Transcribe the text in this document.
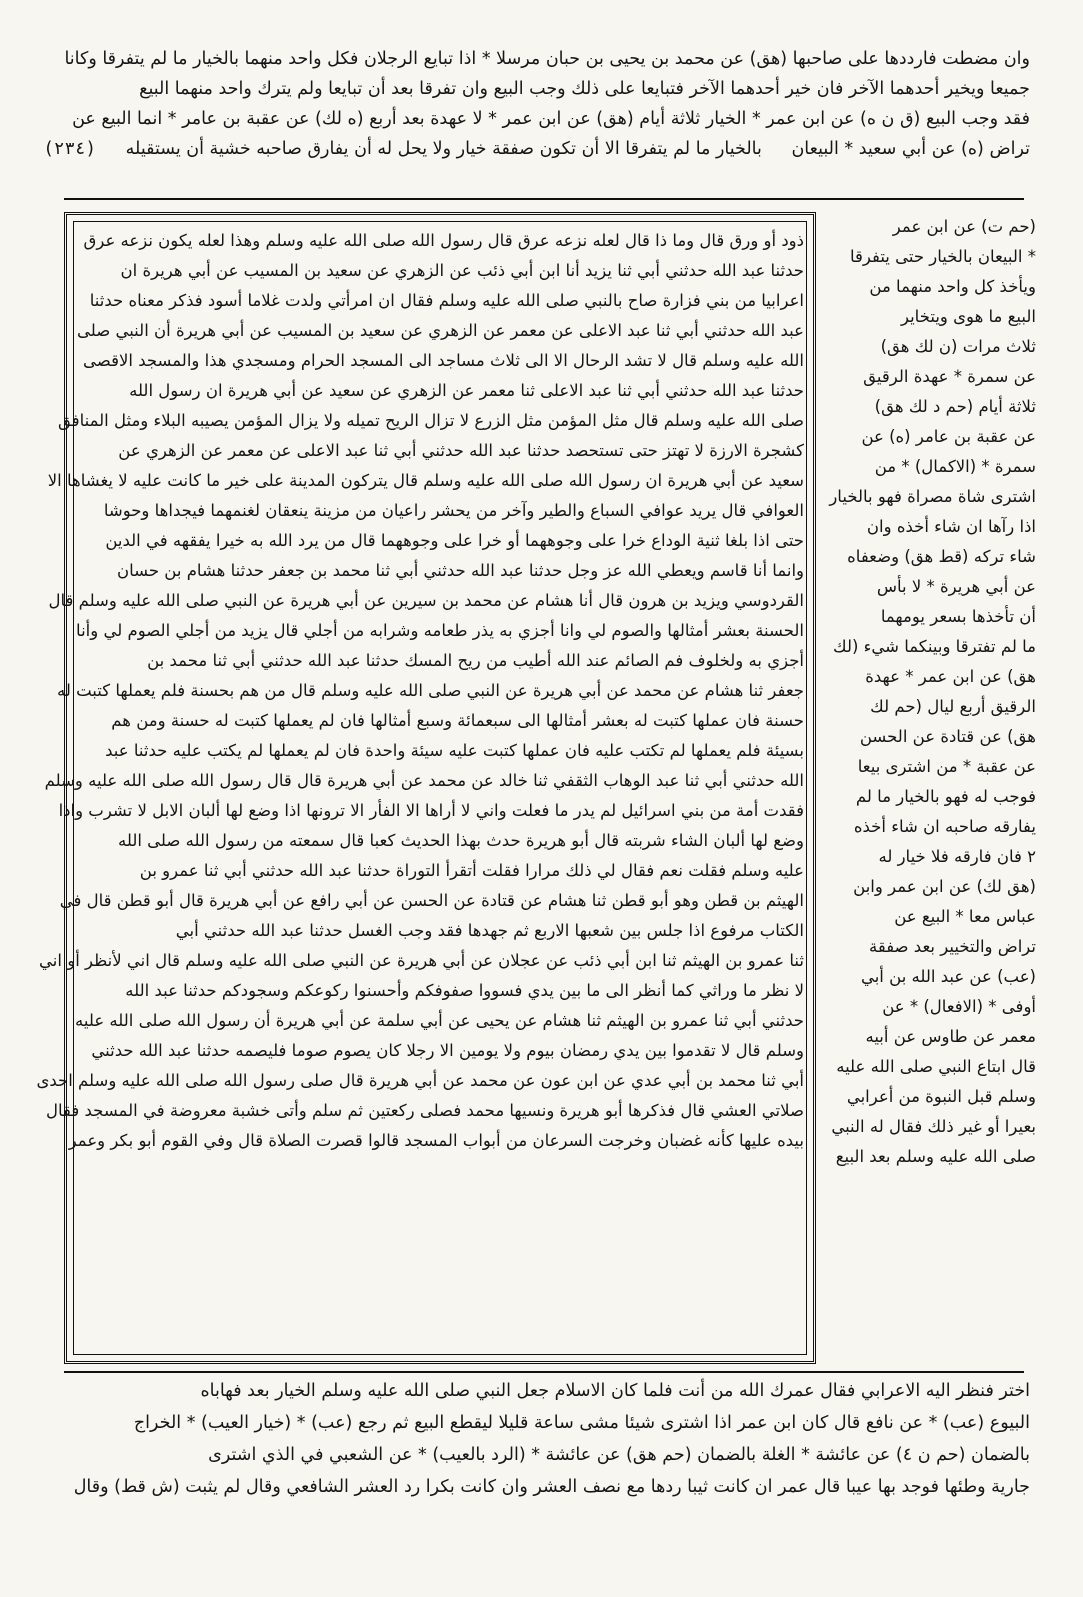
وان مضطت فارددها على صاحبها (هق) عن محمد بن يحيى بن حبان مرسلا * اذا تبايع الرجلان فكل واحد منهما بالخيار ما لم يتفرقا وكانا
جميعا ويخير أحدهما الآخر فان خير أحدهما الآخر فتبايعا على ذلك وجب البيع وان تفرقا بعد أن تبايعا ولم يترك واحد منهما البيع
فقد وجب البيع (ق ن ه) عن ابن عمر * الخيار ثلاثة أيام (هق) عن ابن عمر * لا عهدة بعد أربع (ه لك) عن عقبة بن عامر * انما البيع عن
تراض (ه) عن أبي سعيد * البيعان بالخيار ما لم يتفرقا الا أن تكون صفقة خيار ولا يحل له أن يفارق صاحبه خشية أن يستقيله (٢٣٤)
ذود أو ورق قال وما ذا قال لعله نزعه عرق قال رسول الله صلى الله عليه وسلم وهذا لعله يكون نزعه عرق
حدثنا عبد الله حدثني أبي ثنا يزيد أنا ابن أبي ذئب عن الزهري عن سعيد بن المسيب عن أبي هريرة ان
اعرابيا من بني فزارة صاح بالنبي صلى الله عليه وسلم فقال ان امرأتي ولدت غلاما أسود فذكر معناه حدثنا
عبد الله حدثني أبي ثنا عبد الاعلى عن معمر عن الزهري عن سعيد بن المسيب عن أبي هريرة أن النبي صلى
الله عليه وسلم قال لا تشد الرحال الا الى ثلاث مساجد الى المسجد الحرام ومسجدي هذا والمسجد الاقصى
حدثنا عبد الله حدثني أبي ثنا عبد الاعلى ثنا معمر عن الزهري عن سعيد عن أبي هريرة ان رسول الله
صلى الله عليه وسلم قال مثل المؤمن مثل الزرع لا تزال الريح تميله ولا يزال المؤمن يصيبه البلاء ومثل المنافق
كشجرة الارزة لا تهتز حتى تستحصد حدثنا عبد الله حدثني أبي ثنا عبد الاعلى عن معمر عن الزهري عن
سعيد عن أبي هريرة ان رسول الله صلى الله عليه وسلم قال يتركون المدينة على خير ما كانت عليه لا يغشاها الا
العوافي قال يريد عوافي السباع والطير وآخر من يحشر راعيان من مزينة ينعقان لغنمهما فيجداها وحوشا
حتى اذا بلغا ثنية الوداع خرا على وجوههما أو خرا على وجوههما قال من يرد الله به خيرا يفقهه في الدين
وانما أنا قاسم ويعطي الله عز وجل حدثنا عبد الله حدثني أبي ثنا محمد بن جعفر حدثنا هشام بن حسان
القردوسي ويزيد بن هرون قال أنا هشام عن محمد بن سيرين عن أبي هريرة عن النبي صلى الله عليه وسلم قال
الحسنة بعشر أمثالها والصوم لي وانا أجزي به يذر طعامه وشرابه من أجلي قال يزيد من أجلي الصوم لي وأنا
أجزي به ولخلوف فم الصائم عند الله أطيب من ريح المسك حدثنا عبد الله حدثني أبي ثنا محمد بن
جعفر ثنا هشام عن محمد عن أبي هريرة عن النبي صلى الله عليه وسلم قال من هم بحسنة فلم يعملها كتبت له
حسنة فان عملها كتبت له بعشر أمثالها الى سبعمائة وسبع أمثالها فان لم يعملها كتبت له حسنة ومن هم
بسيئة فلم يعملها لم تكتب عليه فان عملها كتبت عليه سيئة واحدة فان لم يعملها لم يكتب عليه حدثنا عبد
الله حدثني أبي ثنا عبد الوهاب الثقفي ثنا خالد عن محمد عن أبي هريرة قال قال رسول الله صلى الله عليه وسلم
فقدت أمة من بني اسرائيل لم يدر ما فعلت واني لا أراها الا الفأر الا ترونها اذا وضع لها ألبان الابل لا تشرب واذا
وضع لها ألبان الشاء شربته قال أبو هريرة حدث بهذا الحديث كعبا قال سمعته من رسول الله صلى الله
عليه وسلم فقلت نعم فقال لي ذلك مرارا فقلت أتقرأ التوراة حدثنا عبد الله حدثني أبي ثنا عمرو بن
الهيثم بن قطن وهو أبو قطن ثنا هشام عن قتادة عن الحسن عن أبي رافع عن أبي هريرة قال أبو قطن قال في
الكتاب مرفوع اذا جلس بين شعبها الاربع ثم جهدها فقد وجب الغسل حدثنا عبد الله حدثني أبي
ثنا عمرو بن الهيثم ثنا ابن أبي ذئب عن عجلان عن أبي هريرة عن النبي صلى الله عليه وسلم قال اني لأنظر أو اني
لا نظر ما وراثي كما أنظر الى ما بين يدي فسووا صفوفكم وأحسنوا ركوعكم وسجودكم حدثنا عبد الله
حدثني أبي ثنا عمرو بن الهيثم ثنا هشام عن يحيى عن أبي سلمة عن أبي هريرة أن رسول الله صلى الله عليه
وسلم قال لا تقدموا بين يدي رمضان بيوم ولا يومين الا رجلا كان يصوم صوما فليصمه حدثنا عبد الله حدثني
أبي ثنا محمد بن أبي عدي عن ابن عون عن محمد عن أبي هريرة قال صلى رسول الله صلى الله عليه وسلم احدى
صلاتي العشي قال فذكرها أبو هريرة ونسيها محمد فصلى ركعتين ثم سلم وأتى خشبة معروضة في المسجد فقال
بيده عليها كأنه غضبان وخرجت السرعان من أبواب المسجد قالوا قصرت الصلاة قال وفي القوم أبو بكر وعمر
(حم ت) عن ابن عمر
* البيعان بالخيار حتى يتفرقا
ويأخذ كل واحد منهما من
البيع ما هوى ويتخاير
ثلاث مرات (ن لك هق)
عن سمرة * عهدة الرقيق
ثلاثة أيام (حم د لك هق)
عن عقبة بن عامر (ه) عن
سمرة * (الاكمال) * من
اشترى شاة مصراة فهو بالخيار
اذا رآها ان شاء أخذه وان
شاء تركه (قط هق) وضعفاه
عن أبي هريرة * لا بأس
أن تأخذها بسعر يومهما
ما لم تفترقا وبينكما شيء (لك
هق) عن ابن عمر * عهدة
الرقيق أربع ليال (حم لك
هق) عن قتادة عن الحسن
عن عقبة * من اشترى بيعا
فوجب له فهو بالخيار ما لم
يفارقه صاحبه ان شاء أخذه
٢ فان فارقه فلا خيار له
(هق لك) عن ابن عمر وابن
عباس معا * البيع عن
تراض والتخيير بعد صفقة
(عب) عن عبد الله بن أبي
أوفى * (الافعال) * عن
معمر عن طاوس عن أبيه
قال ابتاع النبي صلى الله عليه
وسلم قبل النبوة من أعرابي
بعيرا أو غير ذلك فقال له النبي
صلى الله عليه وسلم بعد البيع
اختر فنظر اليه الاعرابي فقال عمرك الله من أنت فلما كان الاسلام جعل النبي صلى الله عليه وسلم الخيار بعد فهاباه
البيوع (عب) * عن نافع قال كان ابن عمر اذا اشترى شيئا مشى ساعة قليلا ليقطع البيع ثم رجع (عب) * (خيار العيب) * الخراج
بالضمان (حم ن ٤) عن عائشة * الغلة بالضمان (حم هق) عن عائشة * (الرد بالعيب) * عن الشعبي في الذي اشترى
جارية وطئها فوجد بها عيبا قال عمر ان كانت ثيبا ردها مع نصف العشر وان كانت بكرا رد العشر الشافعي وقال لم يثبت (ش قط) وقال
